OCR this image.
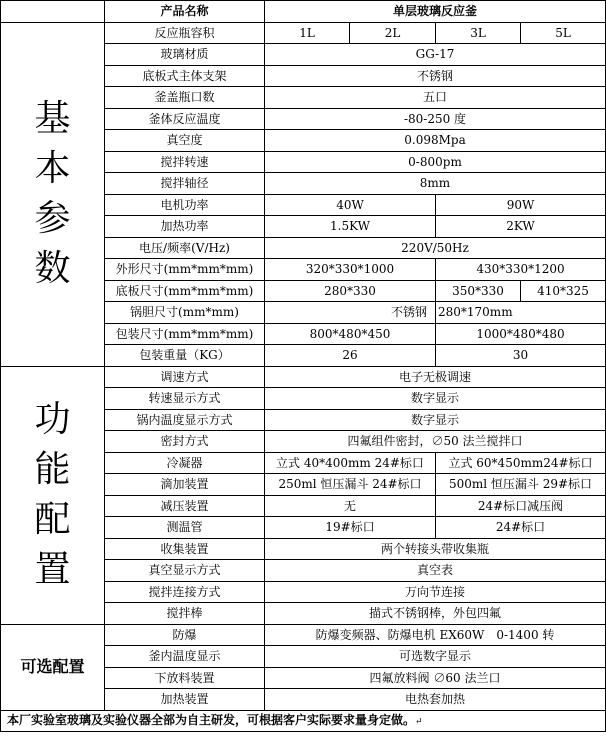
	产品名称	单层玻璃反应釜			

基
本
参
数	反应瓶容积	1L	2L	3L	5L
	玻璃材质	GG-17			
	底板式主体支架	不锈钢			
	釜盖瓶口数	五口			
	釜体反应温度	-80-250 度			
	真空度	0.098Mpa			
	搅拌转速	0-800pm			
	搅拌轴径	8mm			
	电机功率	40W		90W	
	加热功率	1.5KW		2KW	
	电压/频率(V/Hz)	220V/50Hz			
	外形尺寸(mm*mm*mm)	320*330*1000		430*330*1200	
	底板尺寸(mm*mm*mm)	280*330		350*330	410*325
	锅胆尺寸(mm*mm)	不锈钢		280*170mm	
	包装尺寸(mm*mm*mm)	800*480*450		1000*480*480	
	包装重量（KG）	26		30	

功
能
配
置	调速方式	电子无极调速			
	转速显示方式	数字显示			
	锅内温度显示方式	数字显示			
	密封方式	四氟组件密封，∅50 法兰搅拌口			
	冷凝器	立式 40*400mm 24#标口		立式 60*450mm24#标口	
	滴加装置	250ml 恒压漏斗 24#标口		500ml 恒压漏斗 29#标口	
	减压装置	无		24#标口减压阀	
	测温管	19#标口		24#标口	
	收集装置	两个转接头带收集瓶			
	真空显示方式	真空表			
	搅拌连接方式	万向节连接			
	搅拌棒	描式不锈钢棒，外包四氟			
可选配置	防爆	防爆变频器、防爆电机 EX60W　0-1400 转			
	釜内温度显示	可选数字显示			
	下放料装置	四氟放料阀 ∅60 法兰口			
	加热装置	电热套加热			
本厂实验室玻璃及实验仪器全部为自主研发，可根据客户实际要求量身定做。↵					
